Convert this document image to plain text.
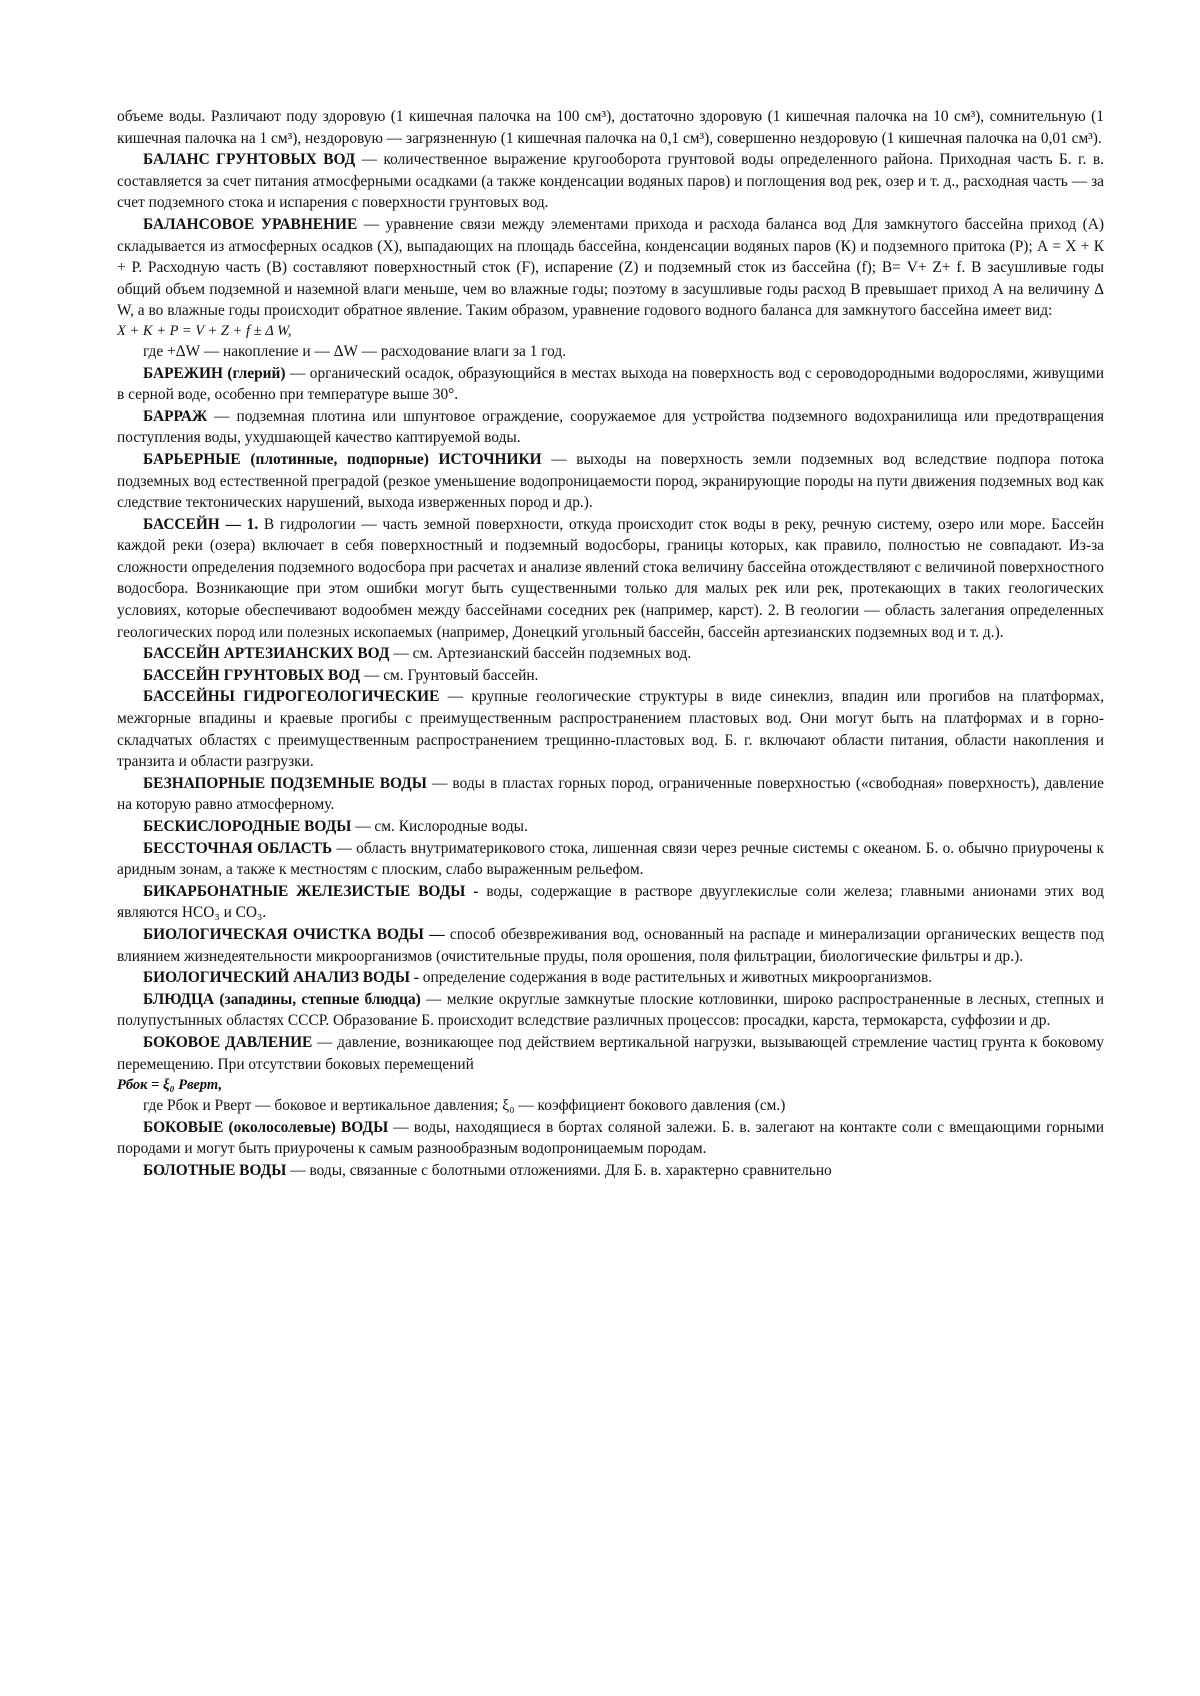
объеме воды. Различают поду здоровую (1 кишечная палочка на 100 см³), достаточно здоровую (1 кишечная палочка на 10 см³), сомнительную (1 кишечная палочка на 1 см³), нездоровую — загрязненную (1 кишечная палочка на 0,1 см³), совершенно нездоровую (1 кишечная палочка на 0,01 см³).

БАЛАНС ГРУНТОВЫХ ВОД — количественное выражение кругооборота грунтовой воды определенного района. Приходная часть Б. г. в. составляется за счет питания атмосферными осадками (а также конденсации водяных паров) и поглощения вод рек, озер и т. д., расходная часть — за счет подземного стока и испарения с поверхности грунтовых вод.

БАЛАНСОВОЕ УРАВНЕНИЕ — уравнение связи между элементами прихода и расхода баланса вод Для замкнутого бассейна приход (А) складывается из атмосферных осадков (X), выпадающих на площадь бассейна, конденсации водяных паров (К) и подземного притока (Р); А = X + К + Р. Расходную часть (В) составляют поверхностный сток (F), испарение (Z) и подземный сток из бассейна (f); В= V+ Z+ f. В засушливые годы общий объем подземной и наземной влаги меньше, чем во влажные годы; поэтому в засушливые годы расход В превышает приход А на величину Δ W, а во влажные годы происходит обратное явление. Таким образом, уравнение годового водного баланса для замкнутого бассейна имеет вид:

X + K + P = V + Z + f ± Δ W,

где +ΔW — накопление и — ΔW — расходование влаги за 1 год.

БАРЕЖИН (глерий) — органический осадок, образующийся в местах выхода на поверхность вод с сероводородными водорослями, живущими в серной воде, особенно при температуре выше 30°.

БАРРАЖ — подземная плотина или шпунтовое ограждение, сооружаемое для устройства подземного водохранилища или предотвращения поступления воды, ухудшающей качество каптируемой воды.

БАРЬЕРНЫЕ (плотинные, подпорные) ИСТОЧНИКИ — выходы на поверхность земли подземных вод вследствие подпора потока подземных вод естественной преградой (резкое уменьшение водопроницаемости пород, экранирующие породы на пути движения подземных вод как следствие тектонических нарушений, выхода изверженных пород и др.).

БАССЕЙН — 1. В гидрологии — часть земной поверхности, откуда происходит сток воды в реку, речную систему, озеро или море. Бассейн каждой реки (озера) включает в себя поверхностный и подземный водосборы, границы которых, как правило, полностью не совпадают. Из-за сложности определения подземного водосбора при расчетах и анализе явлений стока величину бассейна отождествляют с величиной поверхностного водосбора. Возникающие при этом ошибки могут быть существенными только для малых рек или рек, протекающих в таких геологических условиях, которые обеспечивают водообмен между бассейнами соседних рек (например, карст). 2. В геологии — область залегания определенных геологических пород или полезных ископаемых (например, Донецкий угольный бассейн, бассейн артезианских подземных вод и т. д.).

БАССЕЙН АРТЕЗИАНСКИХ ВОД — см. Артезианский бассейн подземных вод.

БАССЕЙН ГРУНТОВЫХ ВОД — см. Грунтовый бассейн.

БАССЕЙНЫ ГИДРОГЕОЛОГИЧЕСКИЕ — крупные геологические структуры в виде синеклиз, впадин или прогибов на платформах, межгорные впадины и краевые прогибы с преимущественным распространением пластовых вод. Они могут быть на платформах и в горно-складчатых областях с преимущественным распространением трещинно-пластовых вод. Б. г. включают области питания, области накопления и транзита и области разгрузки.

БЕЗНАПОРНЫЕ ПОДЗЕМНЫЕ ВОДЫ — воды в пластах горных пород, ограниченные поверхностью («свободная» поверхность), давление на которую равно атмосферному.

БЕСКИСЛОРОДНЫЕ ВОДЫ — см. Кислородные воды.

БЕССТОЧНАЯ ОБЛАСТЬ — область внутриматерикового стока, лишенная связи через речные системы с океаном. Б. о. обычно приурочены к аридным зонам, а также к местностям с плоским, слабо выраженным рельефом.

БИКАРБОНАТНЫЕ ЖЕЛЕЗИСТЫЕ ВОДЫ - воды, содержащие в растворе двууглекислые соли железа; главными анионами этих вод являются HCO₃ и CO₃.

БИОЛОГИЧЕСКАЯ ОЧИСТКА ВОДЫ — способ обезвреживания вод, основанный на распаде и минерализации органических веществ под влиянием жизнедеятельности микроорганизмов (очистительные пруды, поля орошения, поля фильтрации, биологические фильтры и др.).

БИОЛОГИЧЕСКИЙ АНАЛИЗ ВОДЫ - определение содержания в воде растительных и животных микроорганизмов.

БЛЮДЦА (западины, степные блюдца) — мелкие округлые замкнутые плоские котловинки, широко распространенные в лесных, степных и полупустынных областях СССР. Образование Б. происходит вследствие различных процессов: просадки, карста, термокарста, суффозии и др.

БОКОВОЕ ДАВЛЕНИЕ — давление, возникающее под действием вертикальной нагрузки, вызывающей стремление частиц грунта к боковому перемещению. При отсутствии боковых перемещений

Pбок = ξ₀ Pверт,

где Pбок и Pверт — боковое и вертикальное давления; ξ₀ — коэффициент бокового давления (см.)

БОКОВЫЕ (околосолевые) ВОДЫ — воды, находящиеся в бортах соляной залежи. Б. в. залегают на контакте соли с вмещающими горными породами и могут быть приурочены к самым разнообразным водопроницаемым породам.

БОЛОТНЫЕ ВОДЫ — воды, связанные с болотными отложениями. Для Б. в. характерно сравнительно
